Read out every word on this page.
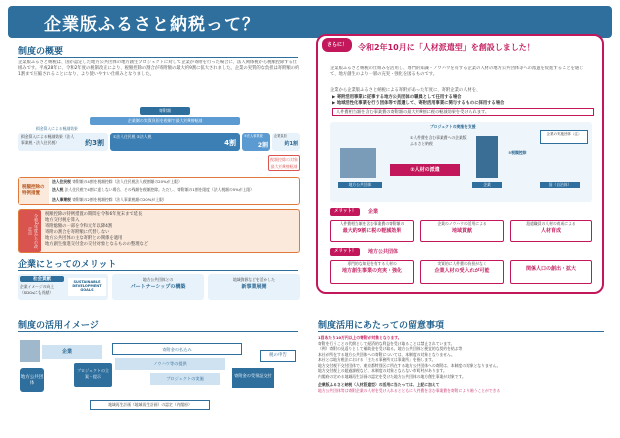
企業版ふるさと納税って？
制度の概要
企業版ふるさと納税は、国が認定した地方公共団体の地方創生プロジェクトに対して企業が寄附を行った場合に、法人関係税から税額控除する仕組みです。平成28年に、令和2年度の税制改正により、税額控除の割合が寄附額の最大約9割に拡大されました。企業の実質的な負担は寄附額の約1割まで圧縮されることになり、より使いやすい仕組みとなりました。
寄附額
企業側の実質負担を税制で最大約9割軽減
損金算入による軽減効果
損金算入による軽減効果（法人事業税・法人住民税）	約3割
①法人住民税 ②法人税
4割
③法人事業税
2割
企業負担
約1割
税額控除の対象最大約9割軽減
税額控除の特例措置
法人住民税 寄附額の4割を税額控除（法人住民税法人税割額の20%が上限）
法人税 法人住民税で4割に達しない場合、その残額を税額控除。ただし、寄附額の1割を限度（法人税額の5%が上限）
法人事業税 寄附額の2割を税額控除（法人事業税額の20%が上限）
令和2年度からの改正点
税額控除の特例措置の期間を令和6年度末まで延長
地方交付税を算入
寄附総額の一部を令和元年以降4割
寄附の割合を寄附額に代替しない
地方公共団体の主な寄附との関係を適用
地方創生推進交付金の交付対象となるものの整理など
企業にとってのメリット
社会貢献
企業イメージの向上（SDGsにも貢献）
SUSTAINABLE DEVELOPMENT GOALS
地方公共団体との
パートナーシップの構築
地域資源などを活かした
新事業展開
制度の活用イメージ
企業
地方公共団体
寄附金の払込み
ノウハウ等の提供
プロジェクトの実施
プロジェクトの立案・提示	寄附金の受領証交付
税の申告
地域再生計画（地域再生計画）の認定（内閣府）
さらに！	令和2年10月に「人材派遣型」を創設しました！
企業版ふるさと納税の仕組みを活用し、専門的知識・ノウハウを有する企業の人材の地方公共団体等への派遣を促進することを通じて、地方創生のより一層の充実・強化を図るものです。
企業から企業版ふるさと納税による寄附があった年度に、寄附企業の人材を、
▶ 寄附活用事業に従事する地方公共団体の職員として任用する場合
▶ 地域活性化事業を行う団体等で派遣して、寄附活用事業に関与するものに採用する場合
人件費相当額を含む事業費の寄附額の最大約9割に税の軽減効果を受けられます。
プロジェクトの実施を支援
①人件費を含む事業費への企業版ふるさと納税
地方公共団体	企業
②人材の派遣
③税額控除
企業の実施団体（注）
国（自治体）
メリット！	企業
人件費相当額を含む事業費の寄附額の
最大約9割に税の軽減効果
企業のノウハウの活用による
地域貢献
派遣職員の人材の育成による
人材育成
メリット！	地方公共団体
専門的な知見を有する人材の
地方創生事業の充実・強化
実質的に人件費の負担がなく
企業人材の受入れが可能	関係人口の創出・拡大
制度活用にあたっての留意事項
1回あたり10万円以上の寄附が対象となります。
寄附を行うことの代償として経済的な利益を受け取ることは禁止されています。
（例）寄附の見返りとして補助金を受け取る。地方公共団体と便宜的な契約を結ぶ等
本社が所在する地方公共団体への寄附については、本制度の対象となりません。
本社とは地方税法における「主たる事務所又は事業所」を指します。
地方交付税不交付団体で、東京都特別区に所在する地方公共団体への寄附は、本制度の対象となりません。
地方交付税上の超過課税など、本制度の対象とならない市町村があります。
内閣府の定める地域再生計画の認定を受けた地方公共団体の地方創生事業が対象です。
企業版ふるさと納税（人材派遣型）の活用に当たっては、上記に加えて
地方公共団体等は寄附企業の人材を受け入れるとともに人件費を含む事業費を寄附により賄うことができる
